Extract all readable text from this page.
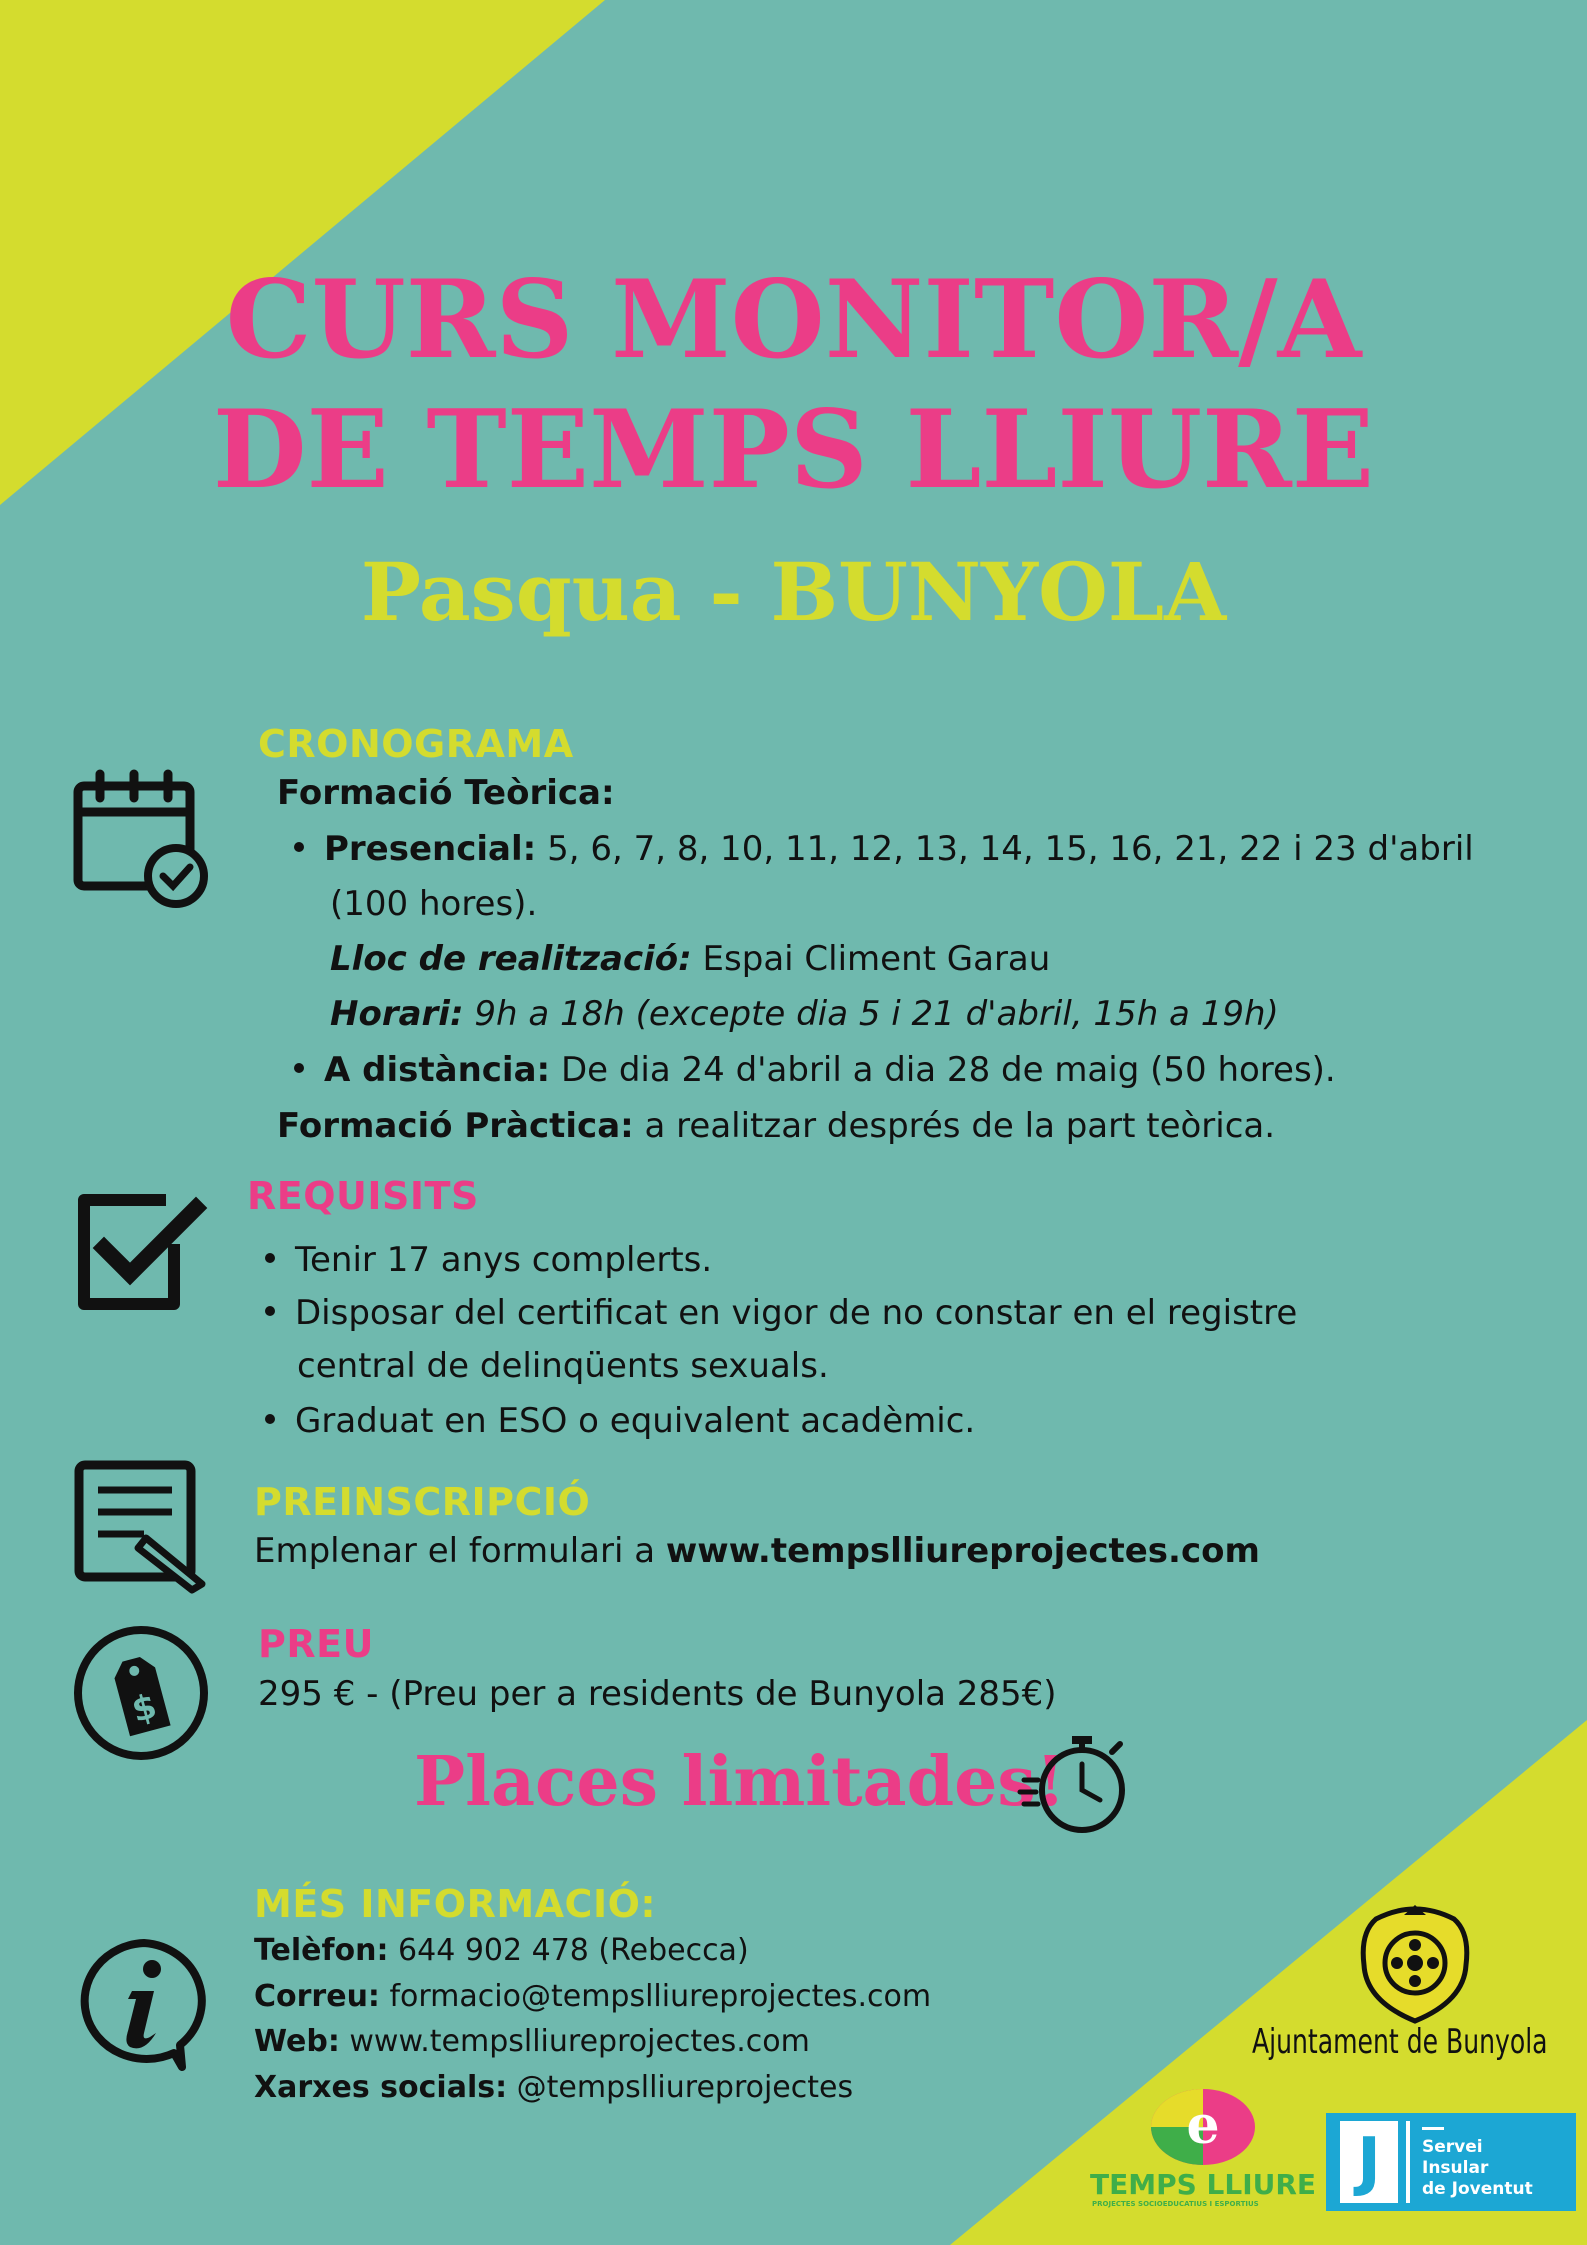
CURS MONITOR/A
DE TEMPS LLIURE
Pasqua - BUNYOLA
CRONOGRAMA
Formació Teòrica:
Presencial: 5, 6, 7, 8, 10, 11, 12, 13, 14, 15, 16, 21, 22 i 23 d'abril
(100 hores).
Lloc de realització: Espai Climent Garau
Horari: 9h a 18h (excepte dia 5 i 21 d'abril, 15h a 19h)
A distància: De dia 24 d'abril a dia 28 de maig (50 hores).
Formació Pràctica: a realitzar després de la part teòrica.
REQUISITS
Tenir 17 anys complerts.
Disposar del certificat en vigor de no constar en el registre
central de delinqüents sexuals.
Graduat en ESO o equivalent acadèmic.
PREINSCRIPCIÓ
Emplenar el formulari a www.tempslliureprojectes.com
$
PREU
295 € - (Preu per a residents de Bunyola 285€)
Places limitades!
MÉS INFORMACIÓ:
Telèfon: 644 902 478 (Rebecca)
Correu: formacio@tempslliureprojectes.com
Web: www.tempslliureprojectes.com
Xarxes socials: @tempslliureprojectes
Ajuntament de Bunyola
e
TEMPS LLIURE
PROJECTES SOCIOEDUCATIUS I ESPORTIUS
J	Servei
Insular
de Joventut
